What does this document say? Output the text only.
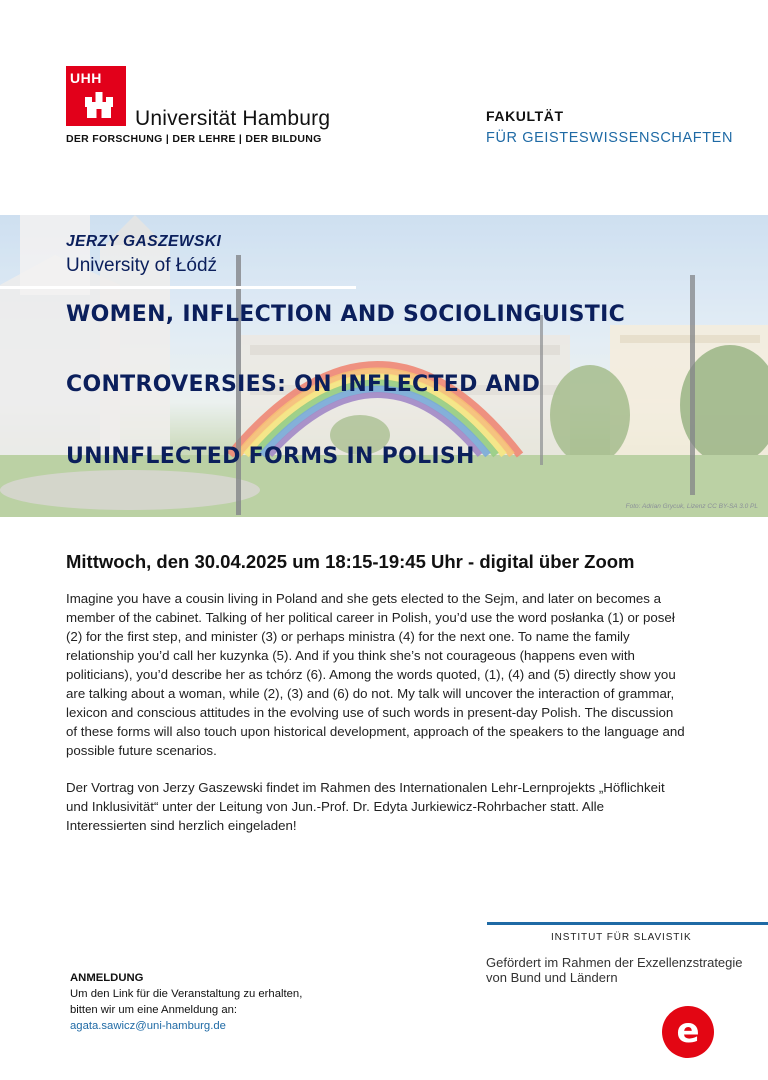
UHH
Universität Hamburg
DER FORSCHUNG | DER LEHRE | DER BILDUNG
FAKULTÄT
FÜR GEISTESWISSENSCHAFTEN
JERZY GASZEWSKI
University of Łódź
WOMEN, INFLECTION AND SOCIOLINGUISTIC
CONTROVERSIES: ON INFLECTED AND
UNINFLECTED FORMS IN POLISH
Foto: Adrian Grycuk, Lizenz CC BY-SA 3.0 PL
Mittwoch, den 30.04.2025 um 18:15-19:45 Uhr - digital über Zoom
Imagine you have a cousin living in Poland and she gets elected to the Sejm, and later on becomes a member of the cabinet. Talking of her political career in Polish, you’d use the word posłanka (1) or poseł (2) for the first step, and minister (3) or perhaps ministra (4) for the next one. To name the family relationship you’d call her kuzynka (5). And if you think she’s not courageous (happens even with politicians), you’d describe her as tchórz (6). Among the words quoted, (1), (4) and (5) directly show you are talking about a woman, while (2), (3) and (6) do not. My talk will uncover the interaction of grammar, lexicon and conscious attitudes in the evolving use of such words in present-day Polish. The discussion of these forms will also touch upon historical development, approach of the speakers to the language and possible future scenarios.
Der Vortrag von Jerzy Gaszewski findet im Rahmen des Internationalen Lehr-Lernprojekts „Höflichkeit und Inklusivität“ unter der Leitung von Jun.-Prof. Dr. Edyta Jurkiewicz-Rohrbacher statt. Alle Interessierten sind herzlich eingeladen!
INSTITUT FÜR SLAVISTIK
Gefördert im Rahmen der Exzellenzstrategie von Bund und Ländern
e
ANMELDUNG
Um den Link für die Veranstaltung zu erhalten, bitten wir um eine Anmeldung an:
agata.sawicz@uni-hamburg.de
